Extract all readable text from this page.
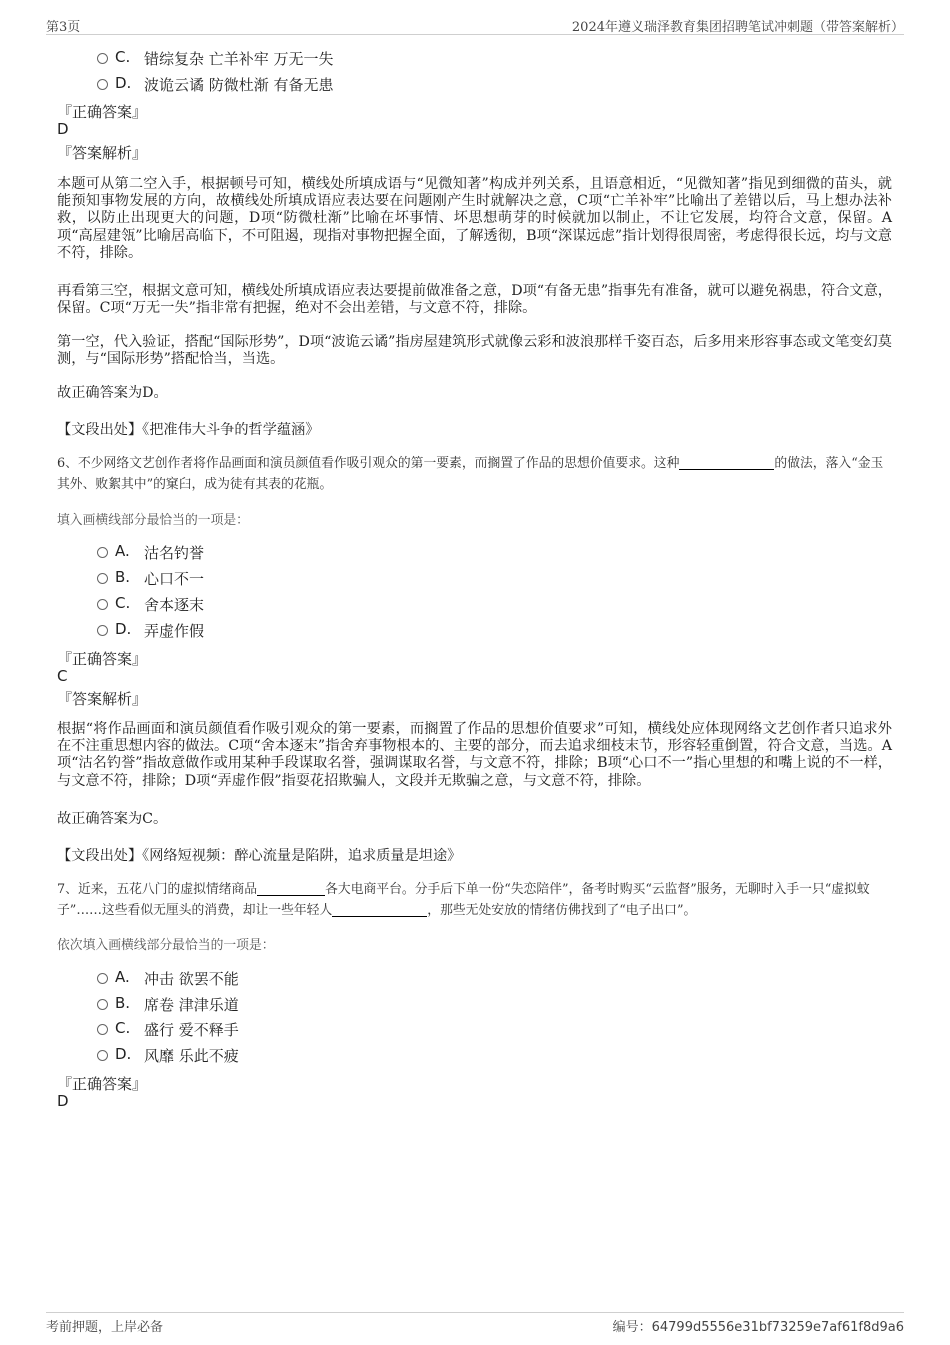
第3页	2024年遵义瑞泽教育集团招聘笔试冲刺题（带答案解析）
C. 错综复杂 亡羊补牢 万无一失
D. 波诡云谲 防微杜渐 有备无患
『正确答案』
D
『答案解析』
本题可从第二空入手，根据顿号可知，横线处所填成语与“见微知著”构成并列关系，且语意相近，“见微知著”指见到细微的苗头，就能预知事物发展的方向，故横线处所填成语应表达要在问题刚产生时就解决之意，C项“亡羊补牢”比喻出了差错以后，马上想办法补救，以防止出现更大的问题，D项“防微杜渐”比喻在坏事情、坏思想萌芽的时候就加以制止，不让它发展，均符合文意，保留。A项“高屋建瓴”比喻居高临下，不可阻遏，现指对事物把握全面，了解透彻，B项“深谋远虑”指计划得很周密，考虑得很长远，均与文意不符，排除。
再看第三空，根据文意可知，横线处所填成语应表达要提前做准备之意，D项“有备无患”指事先有准备，就可以避免祸患，符合文意，保留。C项“万无一失”指非常有把握，绝对不会出差错，与文意不符，排除。
第一空，代入验证，搭配“国际形势”，D项“波诡云谲”指房屋建筑形式就像云彩和波浪那样千姿百态，后多用来形容事态或文笔变幻莫测，与“国际形势”搭配恰当，当选。
故正确答案为D。
【文段出处】《把准伟大斗争的哲学蕴涵》
6、不少网络文艺创作者将作品画面和演员颜值看作吸引观众的第一要素，而搁置了作品的思想价值要求。这种	的做法，落入“金玉其外、败絮其中”的窠臼，成为徒有其表的花瓶。
填入画横线部分最恰当的一项是：
A. 沽名钓誉
B. 心口不一
C. 舍本逐末
D. 弄虚作假
『正确答案』
C
『答案解析』
根据“将作品画面和演员颜值看作吸引观众的第一要素，而搁置了作品的思想价值要求”可知，横线处应体现网络文艺创作者只追求外在不注重思想内容的做法。C项“舍本逐末”指舍弃事物根本的、主要的部分，而去追求细枝末节，形容轻重倒置，符合文意，当选。A项“沽名钓誉”指故意做作或用某种手段谋取名誉，强调谋取名誉，与文意不符，排除；B项“心口不一”指心里想的和嘴上说的不一样，与文意不符，排除；D项“弄虚作假”指耍花招欺骗人，文段并无欺骗之意，与文意不符，排除。
故正确答案为C。
【文段出处】《网络短视频：醉心流量是陷阱，追求质量是坦途》
7、近来，五花八门的虚拟情绪商品	各大电商平台。分手后下单一份“失恋陪伴”，备考时购买“云监督”服务，无聊时入手一只“虚拟蚊子”……这些看似无厘头的消费，却让一些年轻人	，那些无处安放的情绪仿佛找到了“电子出口”。
依次填入画横线部分最恰当的一项是：
A. 冲击 欲罢不能
B. 席卷 津津乐道
C. 盛行 爱不释手
D. 风靡 乐此不疲
『正确答案』
D
考前押题，上岸必备	编号：64799d5556e31bf73259e7af61f8d9a6
